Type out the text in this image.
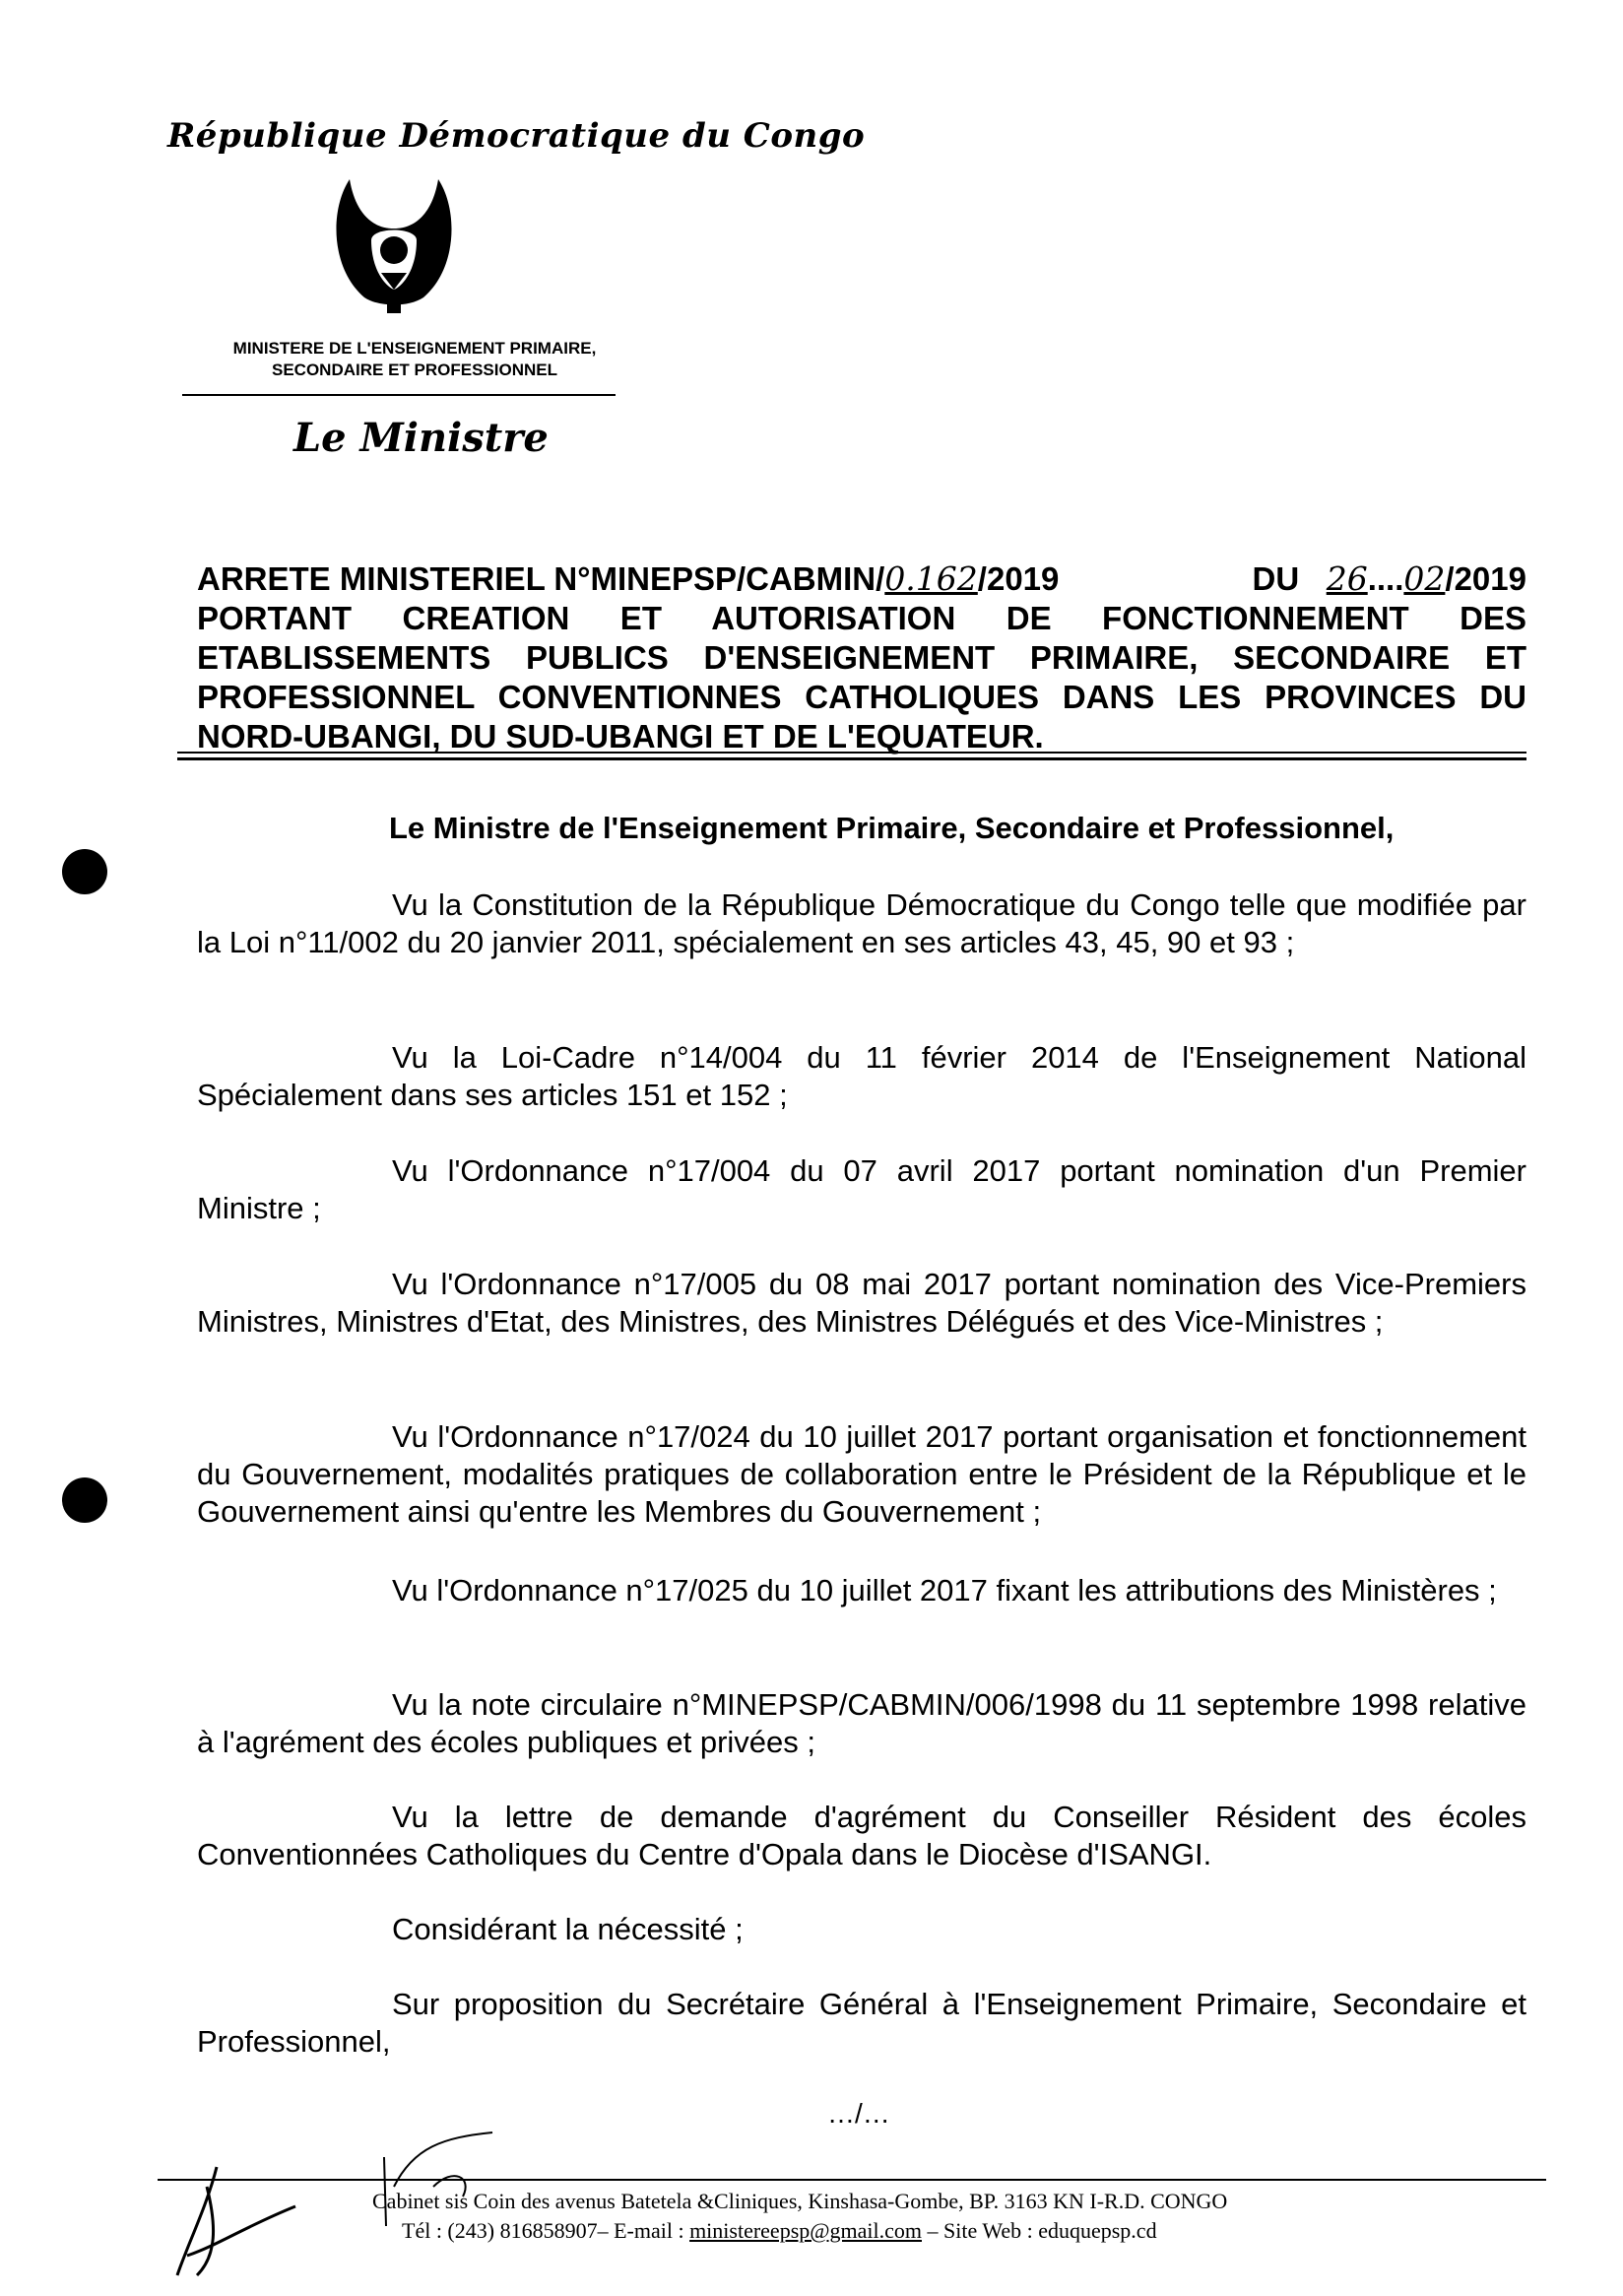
République Démocratique du Congo
MINISTERE DE L'ENSEIGNEMENT PRIMAIRE,
SECONDAIRE ET PROFESSIONNEL
Le Ministre
ARRETE MINISTERIEL N°MINEPSP/CABMIN/0.162/2019	DU 26....02/2019
PORTANT CREATION ET AUTORISATION DE FONCTIONNEMENT DES
ETABLISSEMENTS PUBLICS D'ENSEIGNEMENT PRIMAIRE, SECONDAIRE ET
PROFESSIONNEL CONVENTIONNES CATHOLIQUES DANS LES PROVINCES DU
NORD-UBANGI, DU SUD-UBANGI ET DE L'EQUATEUR.
Le Ministre de l'Enseignement Primaire, Secondaire et Professionnel,

Vu la Constitution de la République Démocratique du Congo telle que modifiée par la Loi n°11/002 du 20 janvier 2011, spécialement en ses articles 43, 45, 90 et 93 ;

Vu la Loi-Cadre n°14/004 du 11 février 2014 de l'Enseignement National Spécialement dans ses articles 151 et 152 ;

Vu l'Ordonnance n°17/004 du 07 avril 2017 portant nomination d'un Premier Ministre ;

Vu l'Ordonnance n°17/005 du 08 mai 2017 portant nomination des Vice-Premiers Ministres, Ministres d'Etat, des Ministres, des Ministres Délégués et des Vice-Ministres ;

Vu l'Ordonnance n°17/024 du 10 juillet 2017 portant organisation et fonctionnement du Gouvernement, modalités pratiques de collaboration entre le Président de la République et le Gouvernement ainsi qu'entre les Membres du Gouvernement ;

Vu l'Ordonnance n°17/025 du 10 juillet 2017 fixant les attributions des Ministères ;

Vu la note circulaire n°MINEPSP/CABMIN/006/1998 du 11 septembre 1998 relative à l'agrément des écoles publiques et privées ;

Vu la lettre de demande d'agrément du Conseiller Résident des écoles Conventionnées Catholiques du Centre d'Opala dans le Diocèse d'ISANGI.

Considérant la nécessité ;

Sur proposition du Secrétaire Général à l'Enseignement Primaire, Secondaire et Professionnel,

…/…
Cabinet sis Coin des avenus Batetela &Cliniques, Kinshasa-Gombe, BP. 3163 KN I-R.D. CONGO
Tél : (243) 816858907– E-mail : ministereepsp@gmail.com – Site Web : eduquepsp.cd
